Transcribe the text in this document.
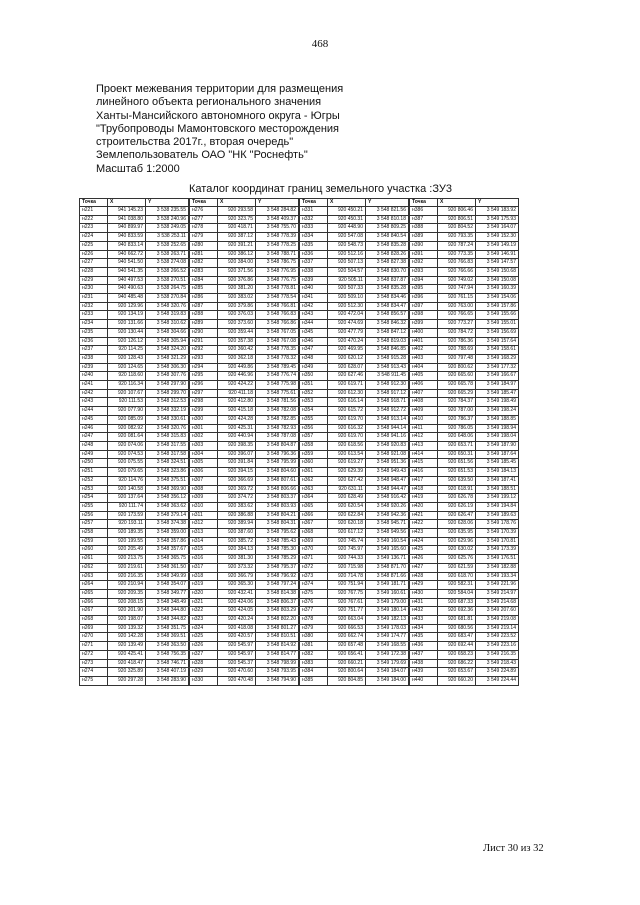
468
Проект межевания территории для размещения
линейного объекта регионального значения
Ханты-Мансийского автономного округа - Югры
"Трубопроводы Мамонтовского месторождения
строительства 2017г., вторая очередь"
Землепользователь ОАО "НК "Роснефть"
Масштаб 1:2000
Каталог координат границ земельного участка :ЗУ3
Точка	X	Y
н221	941 145.23	3 538 235.55
н222	941 038.80	3 538 240.96
н223	940 899.97	3 538 249.05
н224	940 833.59	3 538 253.11
н225	940 833.14	3 538 252.65
н226	940 662.72	3 538 263.71
н227	940 541.50	3 538 274.08
н228	940 541.35	3 538 266.52
н229	940 497.53	3 538 270.51
н230	940 490.63	3 538 264.75
н231	940 485.48	3 538 270.84
н232	920 129.96	3 548 320.76
н233	920 134.19	3 548 319.83
н234	920 131.66	3 548 310.62
н235	920 130.44	3 548 304.66
н236	920 126.12	3 548 305.94
н237	920 114.25	3 548 324.20
н238	920 128.43	3 548 321.29
н239	920 124.65	3 548 306.30
н240	920 118.60	3 548 307.76
н241	920 116.34	3 548 297.90
н242	920 107.67	3 548 299.70
н243	920 111.53	3 548 312.53
н244	920 077.90	3 548 332.19
н245	920 085.09	3 548 330.61
н246	920 082.92	3 548 320.76
н247	920 081.64	3 548 315.83
н248	920 074.06	3 548 317.55
н249	920 074.53	3 548 317.58
н250	920 075.55	3 548 324.51
н251	920 079.65	3 548 323.86
н252	920 114.76	3 548 375.51
н253	920 140.58	3 548 369.90
н254	920 137.64	3 548 356.12
н255	920 111.74	3 548 363.62
н256	920 173.59	3 548 379.14
н257	920 193.11	3 548 374.38
н258	920 189.35	3 548 359.00
н259	920 199.55	3 548 357.86
н260	920 205.49	3 548 357.67
н261	920 213.75	3 548 365.75
н262	920 219.61	3 548 361.50
н263	920 216.35	3 548 349.99
н264	920 210.94	3 548 354.07
н265	920 209.35	3 548 349.77
н266	920 208.15	3 548 348.49
н267	920 201.90	3 548 344.80
н268	920 198.07	3 548 344.82
н269	920 139.32	3 548 351.75
н270	920 142.28	3 548 369.51
н271	920 139.49	3 548 363.50
н272	920 425.41	3 548 756.35
н273	920 418.47	3 548 746.71
н274	920 325.89	3 548 407.19
н275	920 297.28	3 548 283.90
Точка	X	Y
н276	920 293.58	3 548 284.82
н277	920 323.75	3 548 409.37
н278	920 418.71	3 548 755.70
н279	920 387.12	3 548 778.39
н280	920 391.21	3 548 778.25
н281	920 386.12	3 548 788.71
н282	920 384.00	3 548 786.75
н283	920 371.56	3 548 776.95
н284	920 376.86	3 548 776.75
н285	920 381.20	3 548 778.81
н286	920 383.02	3 548 778.54
н287	920 379.86	3 548 766.81
н288	920 376.03	3 548 766.83
н289	920 373.60	3 548 766.86
н290	920 359.44	3 548 767.05
н291	920 357.38	3 548 767.08
н292	920 360.42	3 548 778.35
н293	920 362.18	3 548 778.32
н294	920 449.86	3 548 789.45
н295	920 446.96	3 548 776.74
н296	920 424.22	3 548 775.98
н297	920 411.18	3 548 775.61
н298	920 412.80	3 548 781.56
н299	920 415.18	3 548 782.08
н300	920 424.28	3 548 782.85
н301	920 425.31	3 548 782.93
н302	920 440.94	3 548 787.08
н303	920 398.35	3 548 804.87
н304	920 396.07	3 548 796.36
н305	920 391.84	3 548 795.99
н306	920 394.15	3 548 804.60
н307	920 366.69	3 548 807.61
н308	920 369.72	3 548 806.66
н309	920 374.72	3 548 803.37
н310	920 383.62	3 548 803.93
н311	920 386.88	3 548 804.21
н312	920 389.94	3 548 804.31
н313	920 387.60	3 548 795.62
н314	920 385.72	3 548 785.43
н315	920 384.13	3 548 785.30
н316	920 381.30	3 548 785.29
н317	920 373.32	3 548 795.37
н318	920 366.79	3 548 796.92
н319	920 365.30	3 548 797.24
н320	920 432.41	3 548 814.38
н321	920 424.06	3 548 806.37
н322	920 424.05	3 548 803.29
н323	920 420.24	3 548 802.20
н324	920 418.08	3 548 801.27
н325	920 420.57	3 548 810.51
н326	920 545.97	3 548 814.92
н327	920 545.97	3 548 814.77
н328	920 545.37	3 548 798.99
н329	920 470.60	3 548 793.95
н330	920 470.48	3 548 794.90
Точка	X	Y
н331	920 450.21	3 548 821.56
н332	920 450.31	3 548 810.18
н333	920 448.90	3 548 809.25
н334	920 547.08	3 548 840.54
н335	920 548.73	3 548 835.28
н336	920 512.16	3 548 828.26
н337	920 507.13	3 548 827.38
н338	920 504.57	3 548 830.70
н339	920 505.11	3 548 837.87
н340	920 507.33	3 548 835.28
н341	920 509.10	3 548 834.46
н342	920 512.30	3 548 834.47
н343	920 472.04	3 548 856.57
н344	920 474.69	3 548 846.32
н345	920 477.79	3 548 847.12
н346	920 470.24	3 548 819.03
н347	920 469.95	3 548 846.85
н348	920 620.12	3 548 915.28
н349	920 628.07	3 548 913.43
н350	920 627.46	3 548 911.45
н351	920 619.71	3 548 912.30
н352	920 612.30	3 548 917.12
н353	920 616.14	3 548 918.71
н354	920 615.72	3 548 912.72
н355	920 619.70	3 548 913.14
н356	920 616.32	3 548 944.14
н357	920 619.70	3 548 941.16
н358	920 618.56	3 548 920.83
н359	920 613.54	3 548 921.08
н360	920 619.27	3 548 951.36
н361	920 629.39	3 548 949.43
н362	920 627.42	3 548 948.47
н363	920 631.11	3 548 944.47
н364	920 628.49	3 548 916.42
н365	920 620.54	3 548 920.26
н366	920 622.84	3 548 942.36
н367	920 620.18	3 548 945.71
н368	920 617.12	3 548 949.56
н369	920 745.74	3 549 160.54
н370	920 745.97	3 549 165.60
н371	920 744.33	3 549 136.71
н372	920 715.98	3 548 871.70
н373	920 714.78	3 548 871.66
н374	920 751.94	3 549 181.71
н375	920 767.75	3 549 160.61
н376	920 767.61	3 549 179.00
н377	920 751.77	3 549 180.14
н378	920 663.04	3 549 182.13
н379	920 666.53	3 549 178.03
н380	920 662.74	3 549 174.77
н381	920 657.48	3 549 168.55
н382	920 656.41	3 549 172.38
н383	920 660.21	3 549 179.69
н384	920 800.64	3 549 184.07
н385	920 804.85	3 549 184.00
Точка	X	Y
н386	920 806.46	3 549 183.92
н387	920 806.51	3 549 175.93
н388	920 804.52	3 549 164.07
н389	920 793.35	3 549 152.30
н390	920 787.24	3 549 149.19
н391	920 773.35	3 549 146.91
н392	920 766.83	3 549 147.57
н393	920 766.66	3 549 150.68
н394	920 749.02	3 549 150.08
н395	920 747.94	3 549 160.39
н396	920 761.15	3 549 154.06
н397	920 763.00	3 549 157.86
н398	920 766.65	3 549 155.66
н399	920 773.27	3 549 155.01
н400	920 784.72	3 549 156.69
н401	920 786.36	3 549 157.64
н402	920 788.69	3 549 158.61
н403	920 797.48	3 549 168.29
н404	920 800.62	3 549 177.32
н405	920 665.60	3 549 166.67
н406	920 665.78	3 549 184.97
н407	920 665.29	3 549 185.47
н408	920 784.37	3 549 198.49
н409	920 787.00	3 549 198.24
н410	920 786.37	3 549 188.85
н411	920 786.05	3 549 198.94
н412	920 648.06	3 549 198.04
н413	920 653.71	3 549 187.90
н414	920 650.31	3 549 187.64
н415	920 651.56	3 549 185.45
н416	920 651.53	3 549 184.13
н417	920 639.50	3 549 187.41
н418	920 618.91	3 549 188.51
н419	920 626.78	3 549 199.12
н420	920 626.19	3 549 194.84
н421	920 626.47	3 549 189.63
н422	920 628.06	3 549 178.76
н423	920 635.95	3 549 170.39
н424	920 629.96	3 549 170.81
н425	920 630.02	3 549 173.39
н426	920 625.76	3 549 176.51
н427	920 621.59	3 549 182.88
н428	920 618.70	3 549 193.34
н429	920 582.31	3 549 221.96
н430	920 584.04	3 549 214.97
н431	920 687.33	3 549 214.68
н432	920 692.36	3 549 207.60
н433	920 681.81	3 549 219.08
н434	920 680.56	3 549 219.14
н435	920 683.47	3 549 223.52
н436	920 692.44	3 549 223.16
н437	920 658.23	3 549 216.35
н438	920 686.22	3 549 218.43
н439	920 653.67	3 549 224.89
н440	920 660.20	3 549 224.44
Лист 30 из 32
